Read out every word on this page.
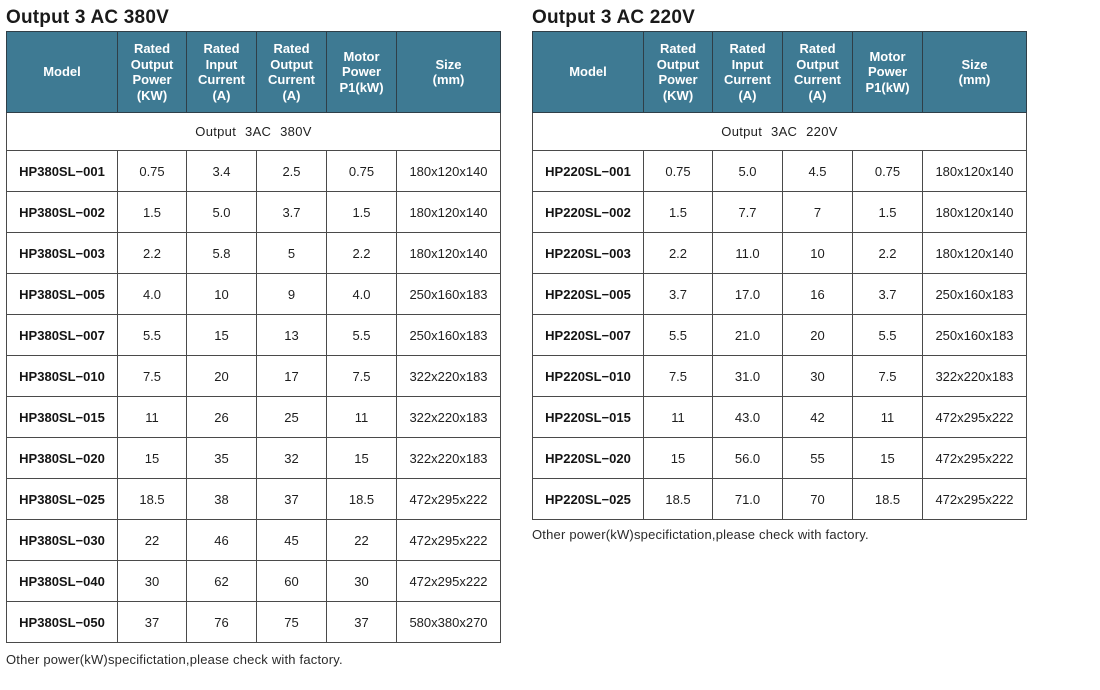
Output 3 AC 380V
Model	Rated
Output
Power
(KW)	Rated
Input
Current
(A)	Rated
Output
Current
(A)	Motor
Power
P1(kW)	Size
(mm)
Output 3AC 380V					
HP380SL−001	0.75	3.4	2.5	0.75	180x120x140
HP380SL−002	1.5	5.0	3.7	1.5	180x120x140
HP380SL−003	2.2	5.8	5	2.2	180x120x140
HP380SL−005	4.0	10	9	4.0	250x160x183
HP380SL−007	5.5	15	13	5.5	250x160x183
HP380SL−010	7.5	20	17	7.5	322x220x183
HP380SL−015	11	26	25	11	322x220x183
HP380SL−020	15	35	32	15	322x220x183
HP380SL−025	18.5	38	37	18.5	472x295x222
HP380SL−030	22	46	45	22	472x295x222
HP380SL−040	30	62	60	30	472x295x222
HP380SL−050	37	76	75	37	580x380x270
Other power(kW)specifictation,please check with factory.
Output 3 AC 220V
Model	Rated
Output
Power
(KW)	Rated
Input
Current
(A)	Rated
Output
Current
(A)	Motor
Power
P1(kW)	Size
(mm)
Output 3AC 220V					
HP220SL−001	0.75	5.0	4.5	0.75	180x120x140
HP220SL−002	1.5	7.7	7	1.5	180x120x140
HP220SL−003	2.2	11.0	10	2.2	180x120x140
HP220SL−005	3.7	17.0	16	3.7	250x160x183
HP220SL−007	5.5	21.0	20	5.5	250x160x183
HP220SL−010	7.5	31.0	30	7.5	322x220x183
HP220SL−015	11	43.0	42	11	472x295x222
HP220SL−020	15	56.0	55	15	472x295x222
HP220SL−025	18.5	71.0	70	18.5	472x295x222
Other power(kW)specifictation,please check with factory.
